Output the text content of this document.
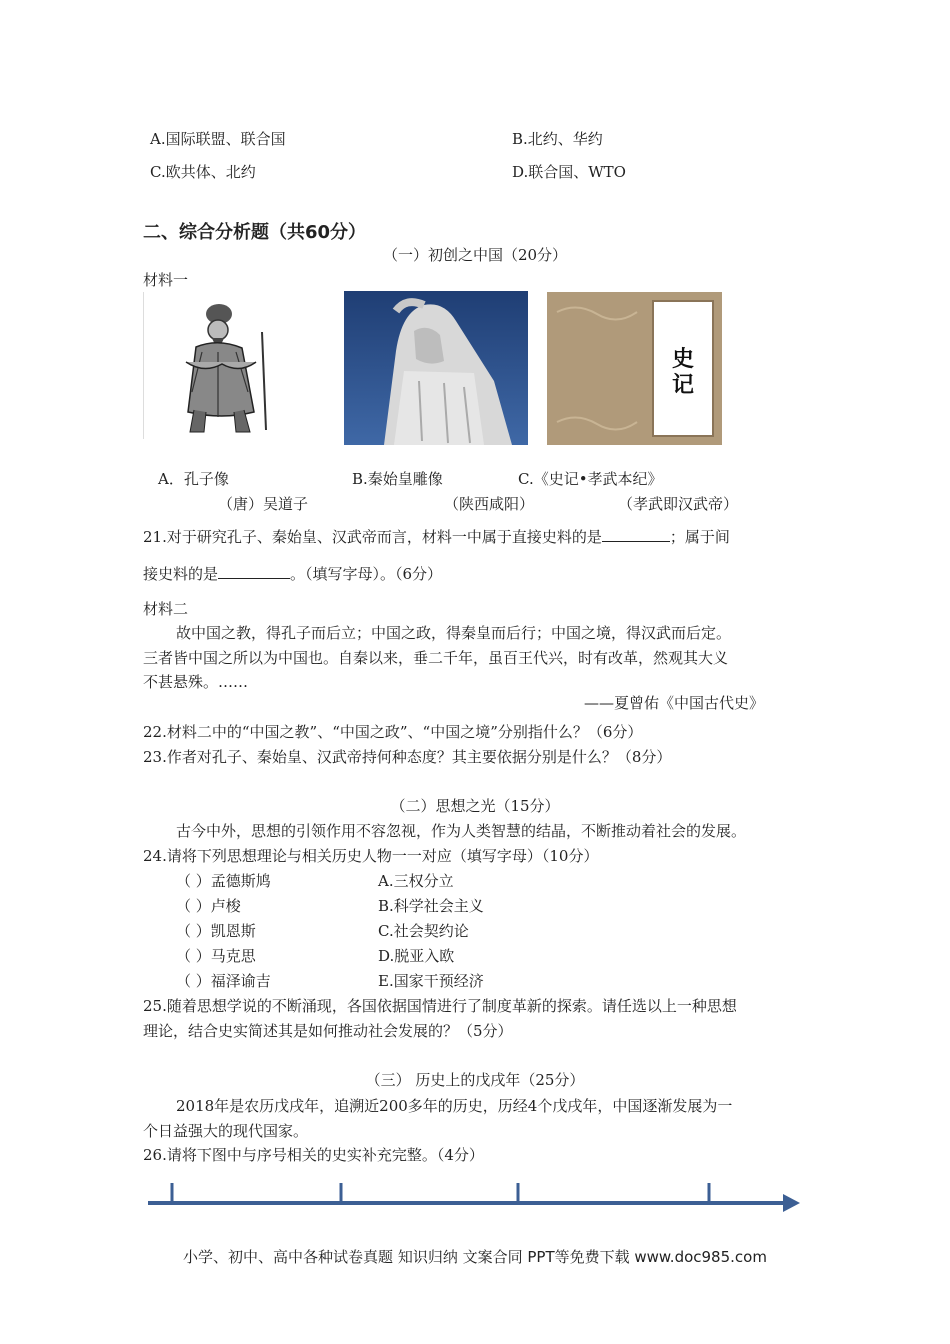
A.国际联盟、联合国	B.北约、华约
C.欧共体、北约	D.联合国、WTO
二、综合分析题（共60分）
（一）初创之中国（20分）
材料一
史记
A．孔子像	B.秦始皇雕像	C.《史记•孝武本纪》
（唐）吴道子	（陕西咸阳）	（孝武即汉武帝）
21.对于研究孔子、秦始皇、汉武帝而言，材料一中属于直接史料的是	；属于间
接史料的是	。（填写字母）。（6分）
材料二
故中国之教，得孔子而后立；中国之政，得秦皇而后行；中国之境，得汉武而后定。
三者皆中国之所以为中国也。自秦以来，垂二千年，虽百王代兴，时有改革，然观其大义
不甚悬殊。……
——夏曾佑《中国古代史》
22.材料二中的“中国之教”、“中国之政”、“中国之境”分别指什么？（6分）
23.作者对孔子、秦始皇、汉武帝持何种态度？其主要依据分别是什么？（8分）
（二）思想之光（15分）
古今中外，思想的引领作用不容忽视，作为人类智慧的结晶，不断推动着社会的发展。
24.请将下列思想理论与相关历史人物一一对应（填写字母）（10分）
（ ）孟德斯鸠	A.三权分立
（ ）卢梭	B.科学社会主义
（ ）凯恩斯	C.社会契约论
（ ）马克思	D.脱亚入欧
（ ）福泽谕吉	E.国家干预经济
25.随着思想学说的不断涌现，各国依据国情进行了制度革新的探索。请任选以上一种思想
理论，结合史实简述其是如何推动社会发展的？（5分）
（三） 历史上的戊戌年（25分）
2018年是农历戊戌年，追溯近200多年的历史，历经4个戊戌年，中国逐渐发展为一
个日益强大的现代国家。
26.请将下图中与序号相关的史实补充完整。（4分）
小学、初中、高中各种试卷真题 知识归纳 文案合同 PPT等免费下载 www.doc985.com
